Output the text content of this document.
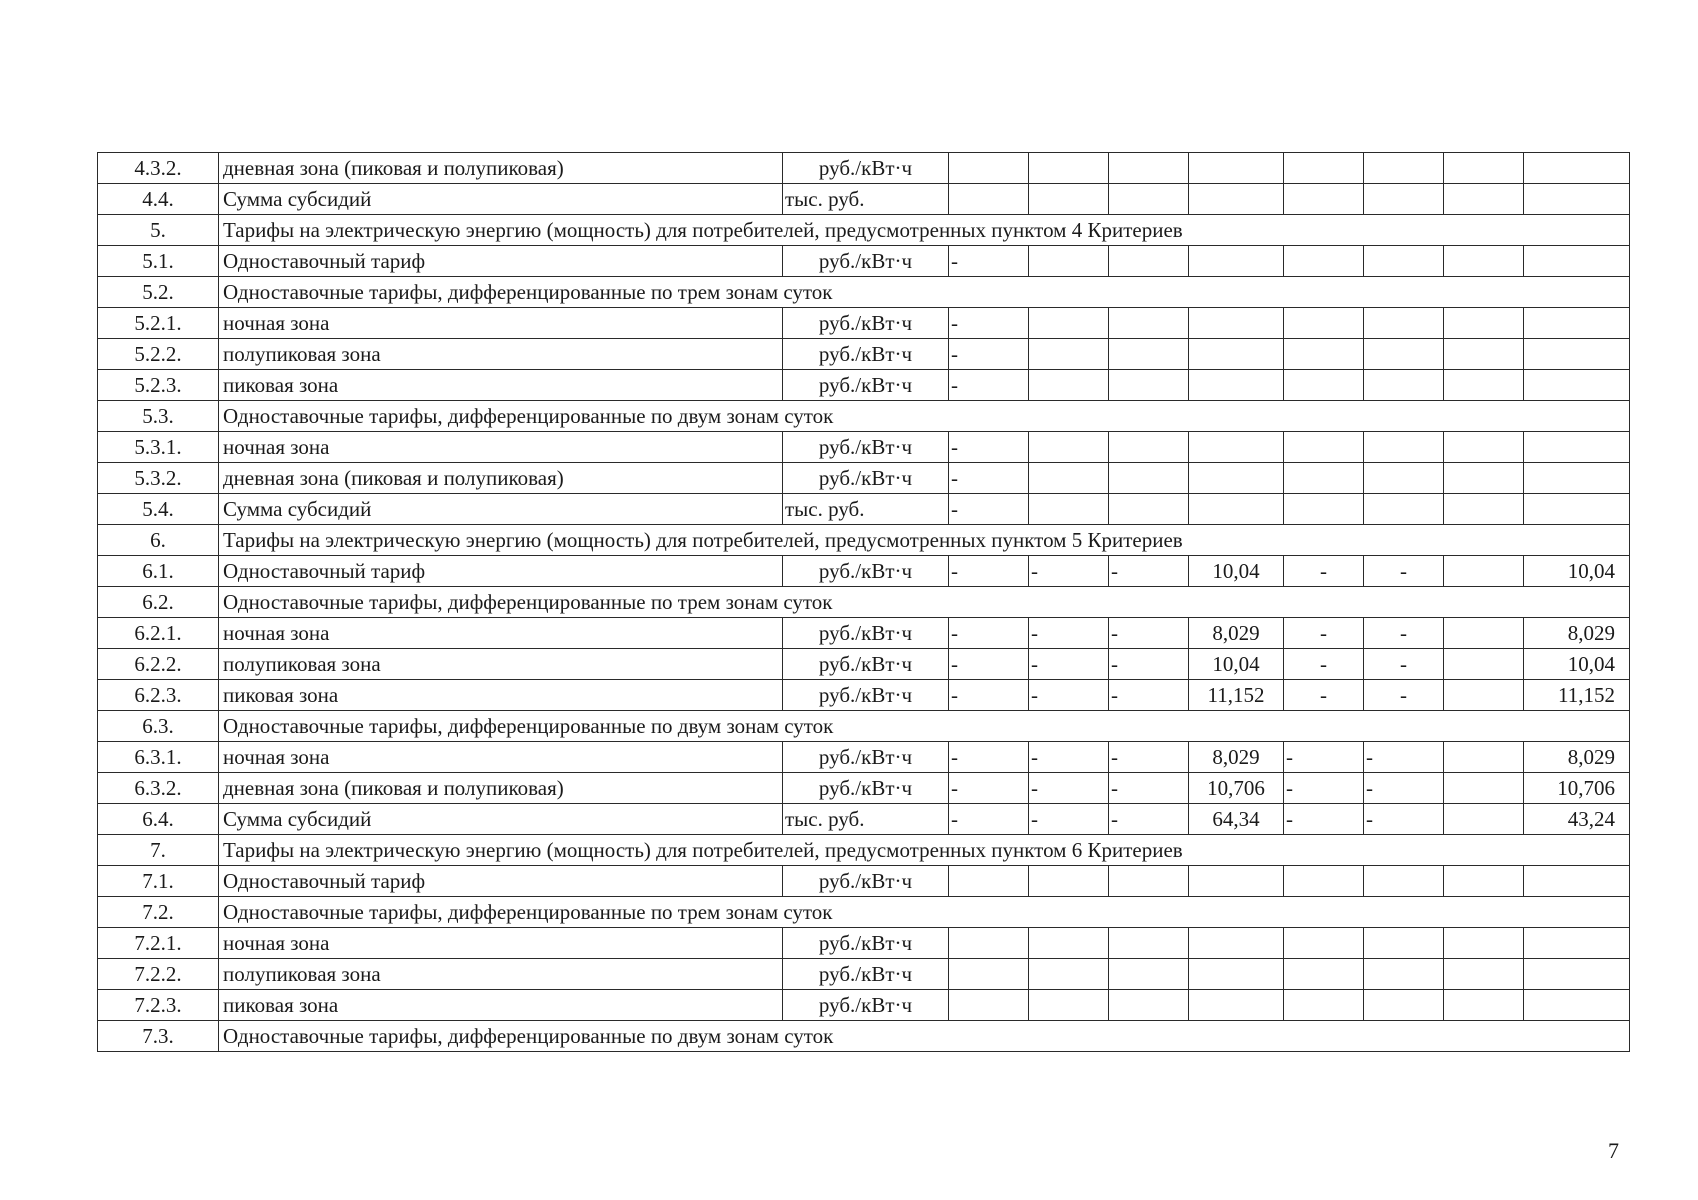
4.3.2.	дневная зона (пиковая и полупиковая)	руб./кВт·ч								
4.4.	Сумма субсидий	тыс. руб.								
5.	Тарифы на электрическую энергию (мощность) для потребителей, предусмотренных пунктом 4 Критериев									
5.1.	Одноставочный тариф	руб./кВт·ч	-							
5.2.	Одноставочные тарифы, дифференцированные по трем зонам суток									
5.2.1.	ночная зона	руб./кВт·ч	-							
5.2.2.	полупиковая зона	руб./кВт·ч	-							
5.2.3.	пиковая зона	руб./кВт·ч	-							
5.3.	Одноставочные тарифы, дифференцированные по двум зонам суток									
5.3.1.	ночная зона	руб./кВт·ч	-							
5.3.2.	дневная зона (пиковая и полупиковая)	руб./кВт·ч	-							
5.4.	Сумма субсидий	тыс. руб.	-							
6.	Тарифы на электрическую энергию (мощность) для потребителей, предусмотренных пунктом 5 Критериев									
6.1.	Одноставочный тариф	руб./кВт·ч	-	-	-	10,04	-	-		10,04
6.2.	Одноставочные тарифы, дифференцированные по трем зонам суток									
6.2.1.	ночная зона	руб./кВт·ч	-	-	-	8,029	-	-		8,029
6.2.2.	полупиковая зона	руб./кВт·ч	-	-	-	10,04	-	-		10,04
6.2.3.	пиковая зона	руб./кВт·ч	-	-	-	11,152	-	-		11,152
6.3.	Одноставочные тарифы, дифференцированные по двум зонам суток									
6.3.1.	ночная зона	руб./кВт·ч	-	-	-	8,029	-	-		8,029
6.3.2.	дневная зона (пиковая и полупиковая)	руб./кВт·ч	-	-	-	10,706	-	-		10,706
6.4.	Сумма субсидий	тыс. руб.	-	-	-	64,34	-	-		43,24
7.	Тарифы на электрическую энергию (мощность) для потребителей, предусмотренных пунктом 6 Критериев									
7.1.	Одноставочный тариф	руб./кВт·ч								
7.2.	Одноставочные тарифы, дифференцированные по трем зонам суток									
7.2.1.	ночная зона	руб./кВт·ч								
7.2.2.	полупиковая зона	руб./кВт·ч								
7.2.3.	пиковая зона	руб./кВт·ч								
7.3.	Одноставочные тарифы, дифференцированные по двум зонам суток									
7
